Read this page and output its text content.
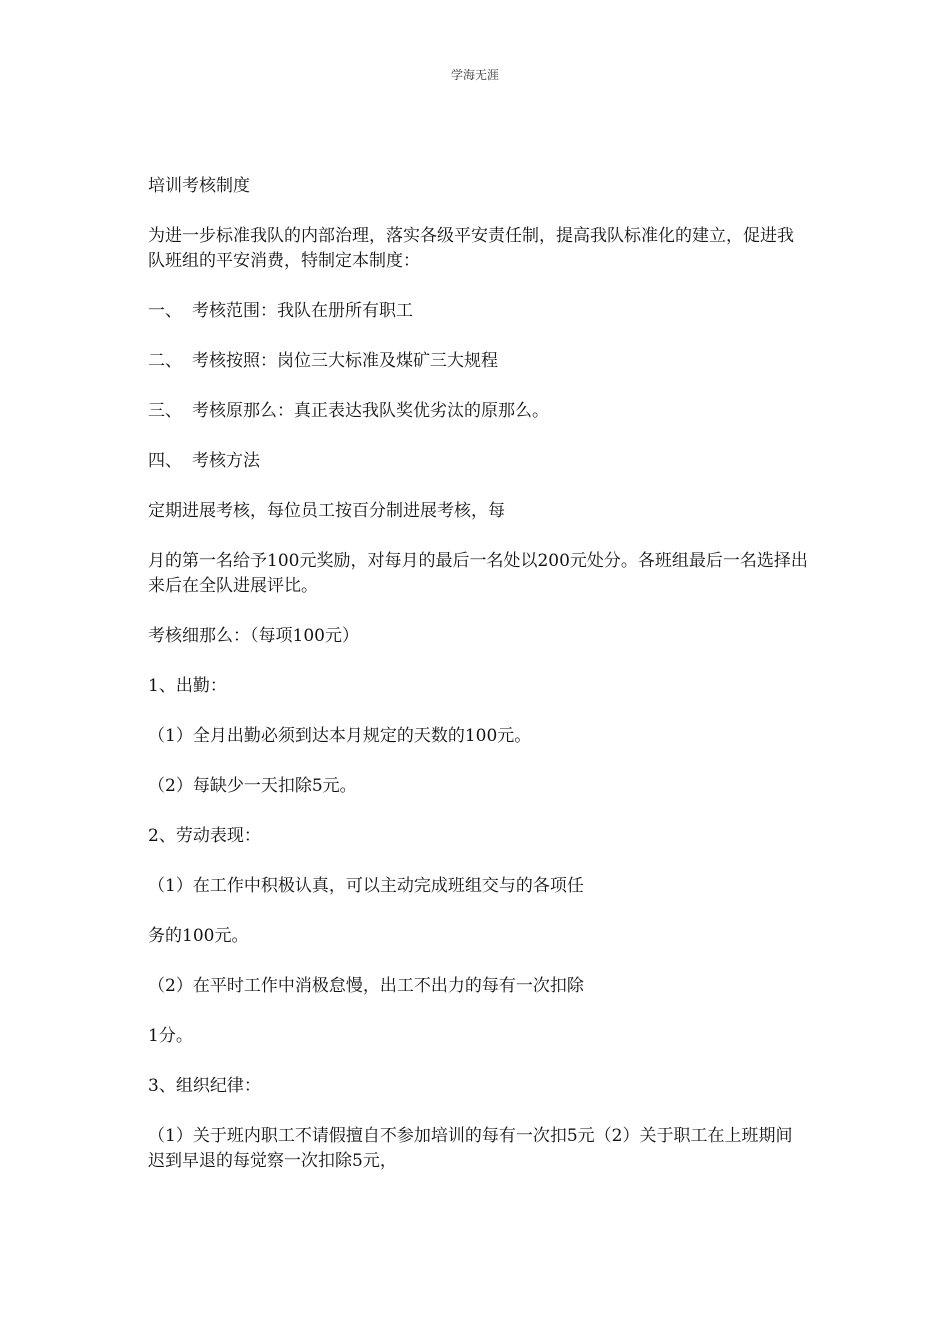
学海无涯

培训考核制度

为进一步标准我队的内部治理，落实各级平安责任制，提高我队标准化的建立，促进我队班组的平安消费，特制定本制度：

一、 考核范围：我队在册所有职工
二、 考核按照：岗位三大标准及煤矿三大规程
三、 考核原那么：真正表达我队奖优劣汰的原那么。
四、 考核方法

定期进展考核，每位员工按百分制进展考核，每

月的第一名给予100元奖励，对每月的最后一名处以200元处分。各班组最后一名选择出来后在全队进展评比。

考核细那么：（每项100元）

1、出勤：

（1）全月出勤必须到达本月规定的天数的100元。

（2）每缺少一天扣除5元。

2、劳动表现：

（1）在工作中积极认真，可以主动完成班组交与的各项任

务的100元。

（2）在平时工作中消极怠慢，出工不出力的每有一次扣除

1分。

3、组织纪律：

（1）关于班内职工不请假擅自不参加培训的每有一次扣5元（2）关于职工在上班期间迟到早退的每觉察一次扣除5元，
